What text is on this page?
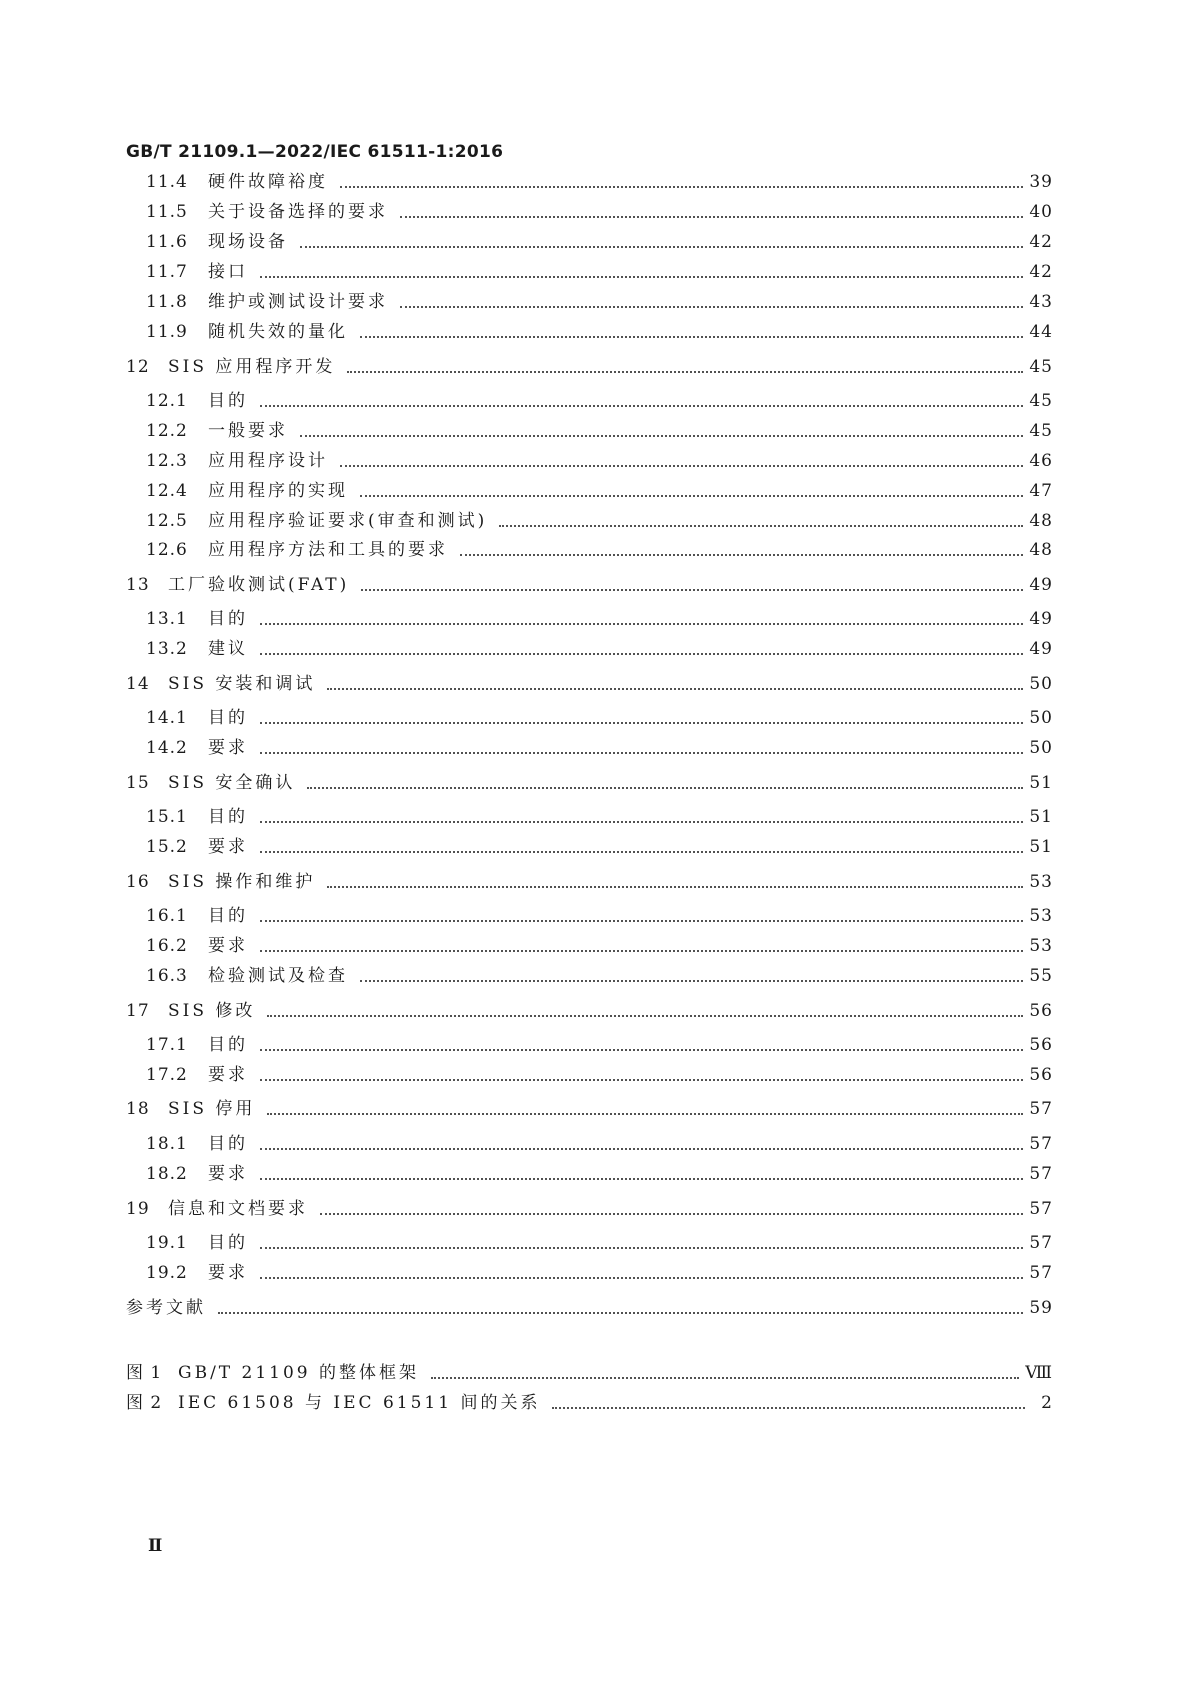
GB/T 21109.1—2022/IEC 61511-1:2016
11.4	硬件故障裕度	39
11.5	关于设备选择的要求	40
11.6	现场设备	42
11.7	接口	42
11.8	维护或测试设计要求	43
11.9	随机失效的量化	44
12	SIS 应用程序开发	45
12.1	目的	45
12.2	一般要求	45
12.3	应用程序设计	46
12.4	应用程序的实现	47
12.5	应用程序验证要求(审查和测试)	48
12.6	应用程序方法和工具的要求	48
13	工厂验收测试(FAT)	49
13.1	目的	49
13.2	建议	49
14	SIS 安装和调试	50
14.1	目的	50
14.2	要求	50
15	SIS 安全确认	51
15.1	目的	51
15.2	要求	51
16	SIS 操作和维护	53
16.1	目的	53
16.2	要求	53
16.3	检验测试及检查	55
17	SIS 修改	56
17.1	目的	56
17.2	要求	56
18	SIS 停用	57
18.1	目的	57
18.2	要求	57
19	信息和文档要求	57
19.1	目的	57
19.2	要求	57
参考文献	59
图 1 GB/T 21109 的整体框架	Ⅷ
图 2 IEC 61508 与 IEC 61511 间的关系	2
Ⅱ
